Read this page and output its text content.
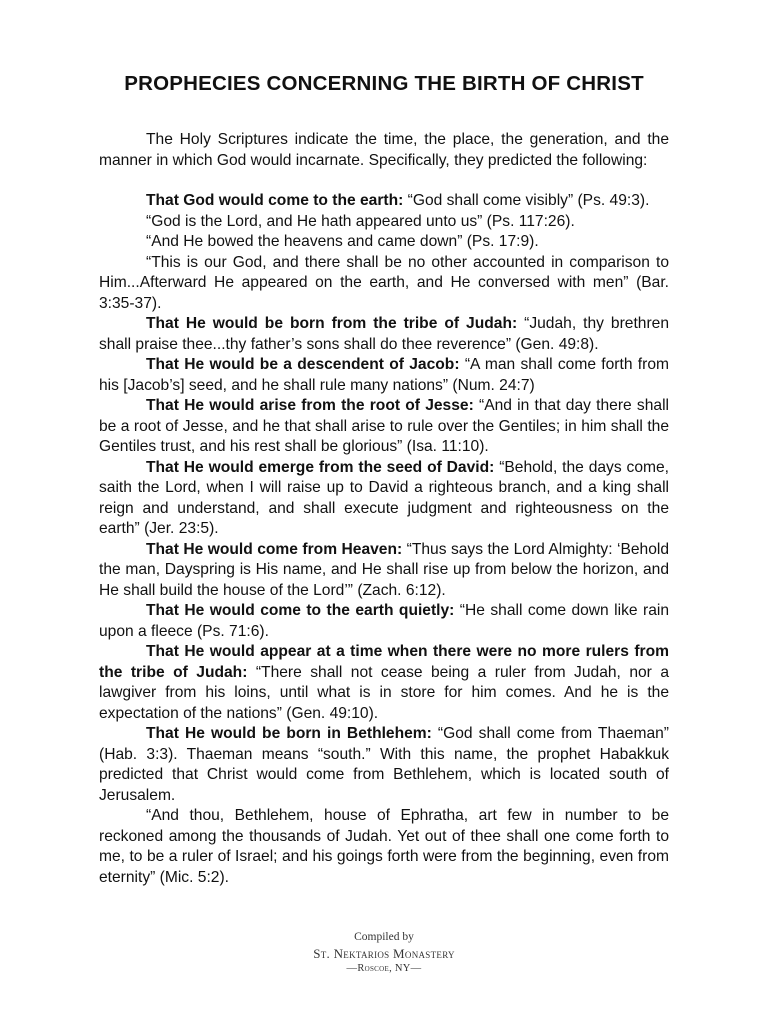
PROPHECIES CONCERNING THE BIRTH OF CHRIST

The Holy Scriptures indicate the time, the place, the generation, and the manner in which God would incarnate. Specifically, they predicted the following:

That God would come to the earth: “God shall come visibly” (Ps. 49:3).

“God is the Lord, and He hath appeared unto us” (Ps. 117:26).

“And He bowed the heavens and came down” (Ps. 17:9).

“This is our God, and there shall be no other accounted in comparison to Him...Afterward He appeared on the earth, and He conversed with men” (Bar. 3:35-37).

That He would be born from the tribe of Judah: “Judah, thy brethren shall praise thee...thy father’s sons shall do thee reverence” (Gen. 49:8).

That He would be a descendent of Jacob: “A man shall come forth from his [Jacob’s] seed, and he shall rule many nations” (Num. 24:7)

That He would arise from the root of Jesse: “And in that day there shall be a root of Jesse, and he that shall arise to rule over the Gentiles; in him shall the Gentiles trust, and his rest shall be glorious” (Isa. 11:10).

That He would emerge from the seed of David: “Behold, the days come, saith the Lord, when I will raise up to David a righteous branch, and a king shall reign and understand, and shall execute judgment and righteousness on the earth” (Jer. 23:5).

That He would come from Heaven: “Thus says the Lord Almighty: ‘Behold the man, Dayspring is His name, and He shall rise up from below the horizon, and He shall build the house of the Lord’” (Zach. 6:12).

That He would come to the earth quietly: “He shall come down like rain upon a fleece (Ps. 71:6).

That He would appear at a time when there were no more rulers from the tribe of Judah: “There shall not cease being a ruler from Judah, nor a lawgiver from his loins, until what is in store for him comes. And he is the expectation of the nations” (Gen. 49:10).

That He would be born in Bethlehem: “God shall come from Thaeman” (Hab. 3:3). Thaeman means “south.” With this name, the prophet Habakkuk predicted that Christ would come from Bethlehem, which is located south of Jerusalem.

“And thou, Bethlehem, house of Ephratha, art few in number to be reckoned among the thousands of Judah. Yet out of thee shall one come forth to me, to be a ruler of Israel; and his goings forth were from the beginning, even from eternity” (Mic. 5:2).

Compiled by
St. Nektarios Monastery
—Roscoe, NY—
